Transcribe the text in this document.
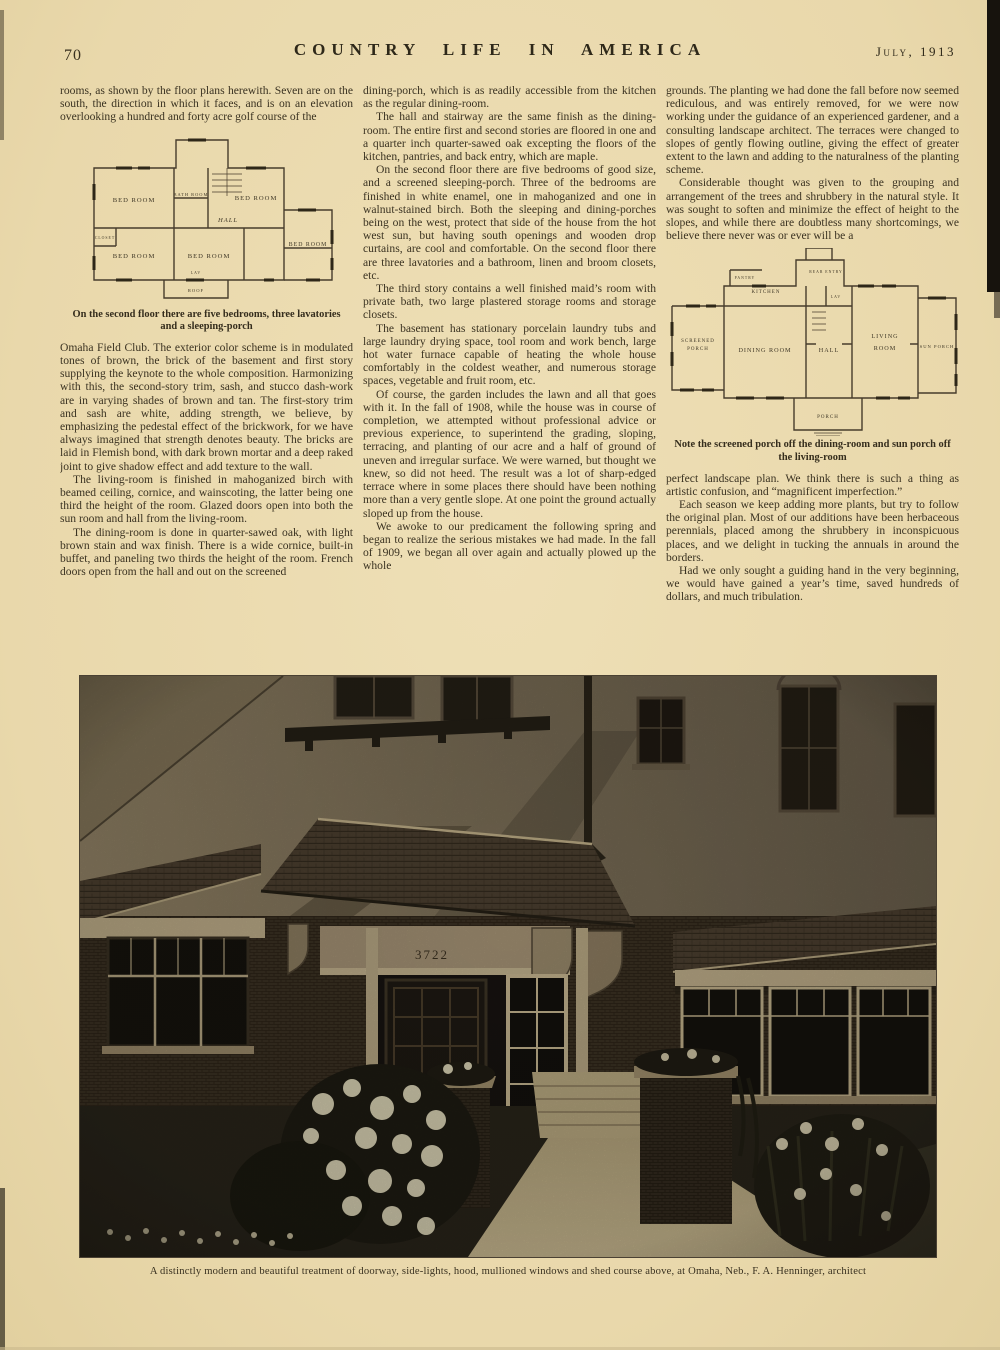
70	COUNTRY LIFE IN AMERICA	July, 1913

rooms, as shown by the floor plans herewith. Seven are on the south, the direction in which it faces, and is on an elevation overlooking a hundred and forty acre golf course of the

BED ROOM
BATH ROOM
BED ROOM
HALL
BED ROOM	BED ROOM
BED ROOM
ROOF
CLOSET
LAV

On the second floor there are five bedrooms, three lavatories and a sleeping-porch

Omaha Field Club. The exterior color scheme is in modulated tones of brown, the brick of the basement and first story supplying the keynote to the whole composition. Harmonizing with this, the second-story trim, sash, and stucco dash-work are in varying shades of brown and tan. The first-story trim and sash are white, adding strength, we believe, by emphasizing the pedestal effect of the brickwork, for we have always imagined that strength denotes beauty. The bricks are laid in Flemish bond, with dark brown mortar and a deep raked joint to give shadow effect and add texture to the wall.

The living-room is finished in mahoganized birch with beamed ceiling, cornice, and wainscoting, the latter being one third the height of the room. Glazed doors open into both the sun room and hall from the living-room.

The dining-room is done in quarter-sawed oak, with light brown stain and wax finish. There is a wide cornice, built-in buffet, and paneling two thirds the height of the room. French doors open from the hall and out on the screened

dining-porch, which is as readily accessible from the kitchen as the regular dining-room.

The hall and stairway are the same finish as the dining-room. The entire first and second stories are floored in one and a quarter inch quarter-sawed oak excepting the floors of the kitchen, pantries, and back entry, which are maple.

On the second floor there are five bedrooms of good size, and a screened sleeping-porch. Three of the bedrooms are finished in white enamel, one in mahoganized and one in walnut-stained birch. Both the sleeping and dining-porches being on the west, protect that side of the house from the hot west sun, but having south openings and wooden drop curtains, are cool and comfortable. On the second floor there are three lavatories and a bathroom, linen and broom closets, etc.

The third story contains a well finished maid’s room with private bath, two large plastered storage rooms and storage closets.

The basement has stationary porcelain laundry tubs and large laundry drying space, tool room and work bench, large hot water furnace capable of heating the whole house comfortably in the coldest weather, and numerous storage spaces, vegetable and fruit room, etc.

Of course, the garden includes the lawn and all that goes with it. In the fall of 1908, while the house was in course of completion, we attempted without professional advice or previous experience, to superintend the grading, sloping, terracing, and planting of our acre and a half of ground of uneven and irregular surface. We were warned, but thought we knew, so did not heed. The result was a lot of sharp-edged terrace where in some places there should have been nothing more than a very gentle slope. At one point the ground actually sloped up from the house.

We awoke to our predicament the following spring and began to realize the serious mistakes we had made. In the fall of 1909, we began all over again and actually plowed up the whole

grounds. The planting we had done the fall before now seemed rediculous, and was entirely removed, for we were now working under the guidance of an experienced gardener, and a consulting landscape architect. The terraces were changed to slopes of gently flowing outline, giving the effect of greater extent to the lawn and adding to the naturalness of the planting scheme.

Considerable thought was given to the grouping and arrangement of the trees and shrubbery in the natural style. It was sought to soften and minimize the effect of height to the slopes, and while there are doubtless many shortcomings, we believe there never was or ever will be a

SCREENED
PORCH	DINING ROOM	HALL
LIVING
ROOM	SUN PORCH
KITCHEN
PANTRY
REAR ENTRY
LAV
PORCH

Note the screened porch off the dining-room and sun porch off the living-room

perfect landscape plan. We think there is such a thing as artistic confusion, and “magnificent imperfection.”

Each season we keep adding more plants, but try to follow the original plan. Most of our additions have been herbaceous perennials, placed among the shrubbery in inconspicuous places, and we delight in tucking the annuals in around the borders.

Had we only sought a guiding hand in the very beginning, we would have gained a year’s time, saved hundreds of dollars, and much tribulation.

A distinctly modern and beautiful treatment of doorway, side-lights, hood, mullioned windows and shed course above, at Omaha, Neb., F. A. Henninger, architect
